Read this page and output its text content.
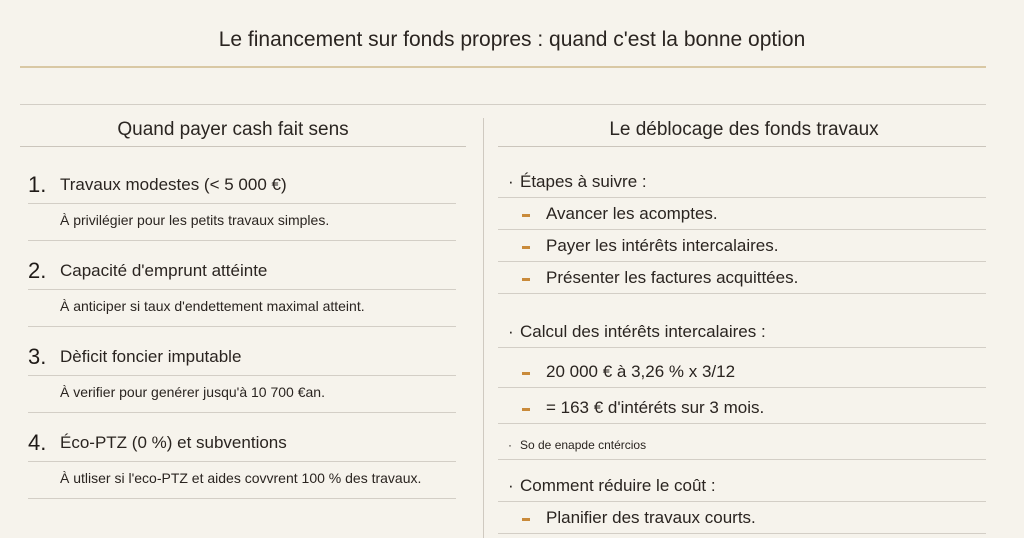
Le financement sur fonds propres : quand c'est la bonne option
Quand payer cash fait sens
1. Travaux modestes (< 5 000 €)
À privilégier pour les petits travaux simples.
2. Capacité d'emprunt attéinte
À anticiper si taux d'endettement maximal atteint.
3. Dèficit foncier imputable
À verifier pour genérer jusqu'à 10 700 €an.
4. Éco-PTZ (0 %) et subventions
À utliser si l'eco-PTZ et aides covvrent 100 % des travaux.
Le déblocage des fonds travaux
· Étapes à suivre :
Avancer les acomptes.
Payer les intérêts intercalaires.
Présenter les factures acquittées.
· Calcul des intérêts intercalaires :
20 000 € à 3,26 % x 3/12
= 163 € d'intéréts sur 3 mois.
· So de enapde cntércios
· Comment réduire le coût :
Planifier des travaux courts.
